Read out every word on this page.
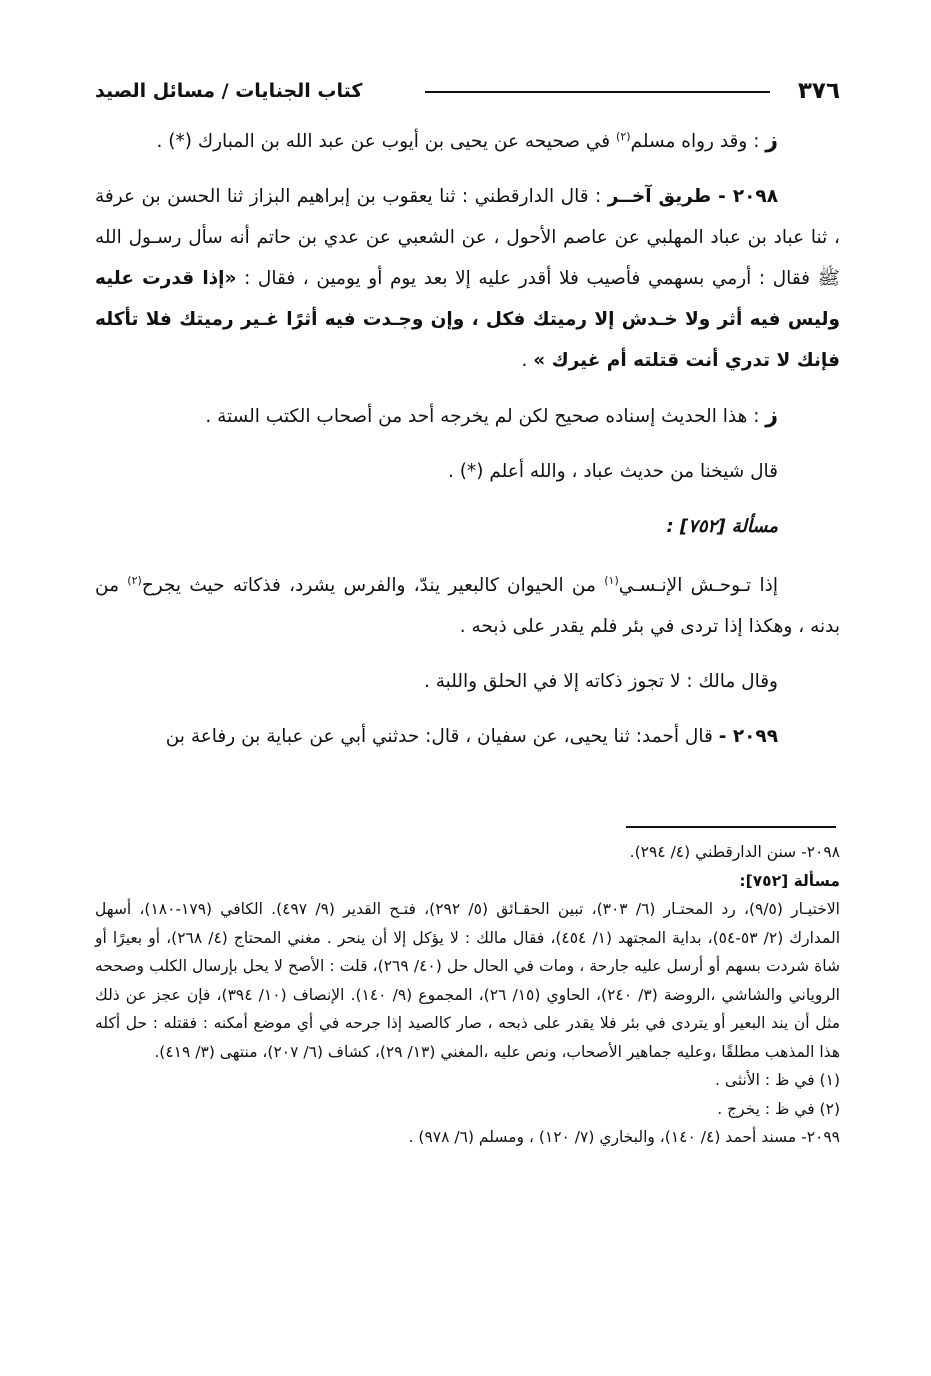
٣٧٦
كتاب الجنايات / مسائل الصيد

ز : وقد رواه مسلم$^{(٢)}$ في صحيحه عن يحيى بن أيوب عن عبد الله بن المبارك (*) .

٢٠٩٨ - طريق آخــر : قال الدارقطني : ثنا يعقوب بن إبراهيم البزاز ثنا الحسن بن عرفة ، ثنا عباد بن عباد المهلبي عن عاصم الأحول ، عن الشعبي عن عدي بن حاتم أنه سأل رسـول الله ﷺ فقال : أرمي بسهمي فأصيب فلا أقدر عليه إلا بعد يوم أو يومين ، فقال : «إذا قدرت عليه وليس فيه أثر ولا خـدش إلا رميتك فكل ، وإن وجـدت فيه أثرًا غـير رميتك فلا تأكله فإنك لا تدري أنت قتلته أم غيرك » .

ز : هذا الحديث إسناده صحيح لكن لم يخرجه أحد من أصحاب الكتب الستة .

قال شيخنا من حديث عباد ، والله أعلم (*) .

مسألة [٧٥٢] :

إذا تـوحـش الإنـسـي$^{(١)}$ من الحيوان كالبعير يندّ، والفرس يشرد، فذكاته حيث يجرح$^{(٢)}$ من بدنه ، وهكذا إذا تردى في بئر فلم يقدر على ذبحه .

وقال مالك : لا تجوز ذكاته إلا في الحلق واللبة .

٢٠٩٩ - قال أحمد: ثنا يحيى، عن سفيان ، قال: حدثني أبي عن عباية بن رفاعة بن

٢٠٩٨- سنن الدارقطني (٤/ ٢٩٤).

مسألة [٧٥٢]:

الاختيـار (٩/٥)، رد المحتـار (٦/ ٣٠٣)، تبين الحقـائق (٥/ ٢٩٢)، فتـح القدير (٩/ ٤٩٧). الكافي (١٧٩-١٨٠)، أسهل المدارك (٢/ ٥٣-٥٤)، بداية المجتهد (١/ ٤٥٤)، فقال مالك : لا يؤكل إلا أن ينحر . مغني المحتاج (٤/ ٢٦٨)، أو بعيرًا أو شاة شردت بسهم أو أرسل عليه جارحة ، ومات في الحال حل (٤٠/ ٢٦٩)، قلت : الأصح لا يحل بإرسال الكلب وصححه الروياني والشاشي ،الروضة (٣/ ٢٤٠)، الحاوي (١٥/ ٢٦)، المجموع (٩/ ١٤٠). الإنصاف (١٠/ ٣٩٤)، فإن عجز عن ذلك مثل أن يند البعير أو يتردى في بئر فلا يقدر على ذبحه ، صار كالصيد إذا جرحه في أي موضع أمكنه : فقتله : حل أكله هذا المذهب مطلقًا ،وعليه جماهير الأصحاب، ونص عليه ،المغني (١٣/ ٢٩)، كشاف (٦/ ٢٠٧)، منتهى (٣/ ٤١٩).

(١) في ظ : الأنثى .

(٢) في ظ : يخرج .

٢٠٩٩- مسند أحمد (٤/ ١٤٠)، والبخاري (٧/ ١٢٠) ، ومسلم (٦/ ٩٧٨) .
